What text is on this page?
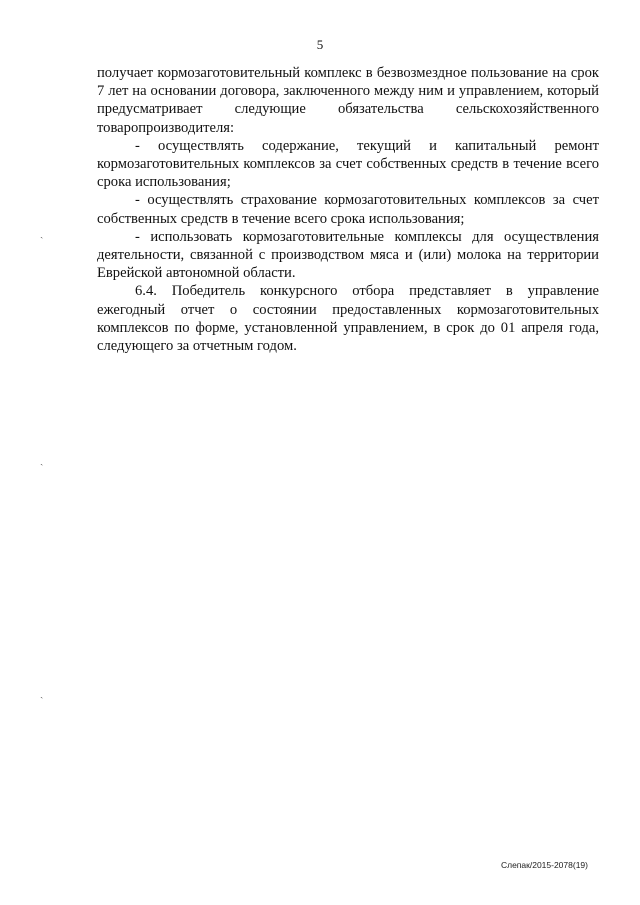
5

получает кормозаготовительный комплекс в безвозмездное пользование на срок 7 лет на основании договора, заключенного между ним и управлением, который предусматривает следующие обязательства сельскохозяйственного товаропроизводителя:

- осуществлять содержание, текущий и капитальный ремонт кормозаготовительных комплексов за счет собственных средств в течение всего срока использования;

- осуществлять страхование кормозаготовительных комплексов за счет собственных средств в течение всего срока использования;

- использовать кормозаготовительные комплексы для осуществления деятельности, связанной с производством мяса и (или) молока на территории Еврейской автономной области.

6.4. Победитель конкурсного отбора представляет в управление ежегодный отчет о состоянии предоставленных кормозаготовительных комплексов по форме, установленной управлением, в срок до 01 апреля года, следующего за отчетным годом.

ˏ
ˏ
ˎ
Слепак/2015-2078(19)
